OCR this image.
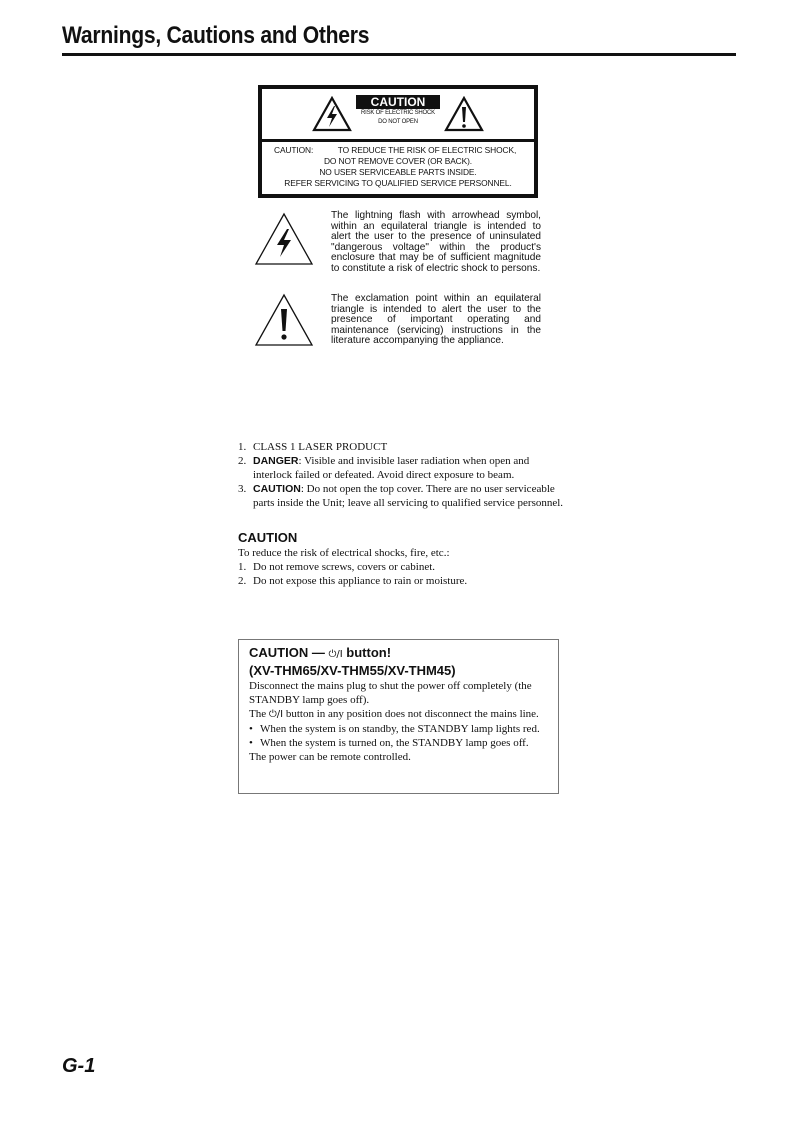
Warnings, Cautions and Others
CAUTION
RISK OF ELECTRIC SHOCK
DO NOT OPEN
CAUTION:	TO REDUCE THE RISK OF ELECTRIC SHOCK,
DO NOT REMOVE COVER (OR BACK).
NO USER SERVICEABLE PARTS INSIDE.
REFER SERVICING TO QUALIFIED SERVICE PERSONNEL.

The lightning flash with arrowhead symbol, within an equilateral triangle is intended to alert the user to the presence of uninsulated "dangerous voltage" within the product's enclosure that may be of sufficient magnitude to constitute a risk of electric shock to persons.

The exclamation point within an equilateral triangle is intended to alert the user to the presence of important operating and maintenance (servicing) instructions in the literature accompanying the appliance.

1. CLASS 1 LASER PRODUCT
2. DANGER: Visible and invisible laser radiation when open and interlock failed or defeated. Avoid direct exposure to beam.
3. CAUTION: Do not open the top cover. There are no user serviceable parts inside the Unit; leave all servicing to qualified service personnel.
CAUTION

To reduce the risk of electrical shocks, fire, etc.:

1. Do not remove screws, covers or cabinet.
2. Do not expose this appliance to rain or moisture.
CAUTION — ⏻/I button!
(XV-THM65/XV-THM55/XV-THM45)

Disconnect the mains plug to shut the power off completely (the STANDBY lamp goes off).

The ⏻/I button in any position does not disconnect the mains line.

• When the system is on standby, the STANDBY lamp lights red.
• When the system is turned on, the STANDBY lamp goes off.

The power can be remote controlled.

G-1
